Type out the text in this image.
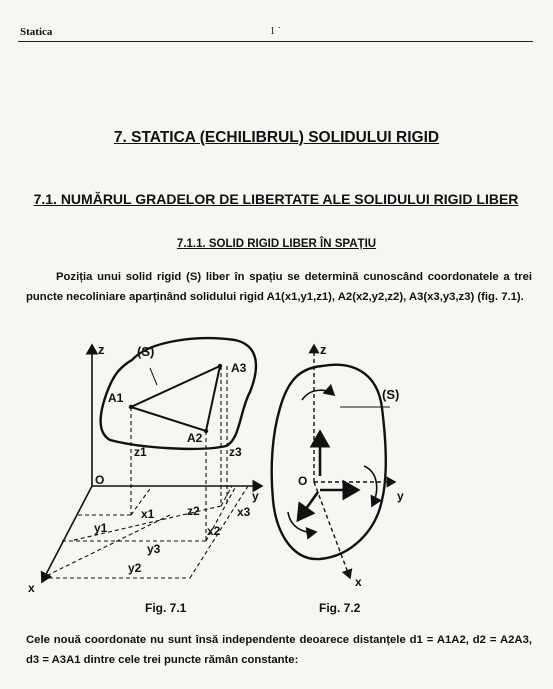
Statica	1 ˙
7. STATICA (ECHILIBRUL) SOLIDULUI RIGID
7.1. NUMĂRUL GRADELOR DE LIBERTATE ALE SOLIDULUI RIGID LIBER
7.1.1. SOLID RIGID LIBER ÎN SPAȚIU
Poziția unui solid rigid (S) liber în spațiu se determină cunoscând coordonatele a trei puncte necoliniare aparținând solidului rigid A1(x1,y1,z1), A2(x2,y2,z2), A3(x3,y3,z3) (fig. 7.1).
z	(S)
A1
A2
A3
z1	z3
O
y
x1	z2	x3
x2
y1
y3
y2
x
Fig. 7.1
z
(S)
O
y
x
Fig. 7.2
Cele nouă coordonate nu sunt însă independente deoarece distanțele d1 = A1A2, d2 = A2A3, d3 = A3A1 dintre cele trei puncte rămân constante:
